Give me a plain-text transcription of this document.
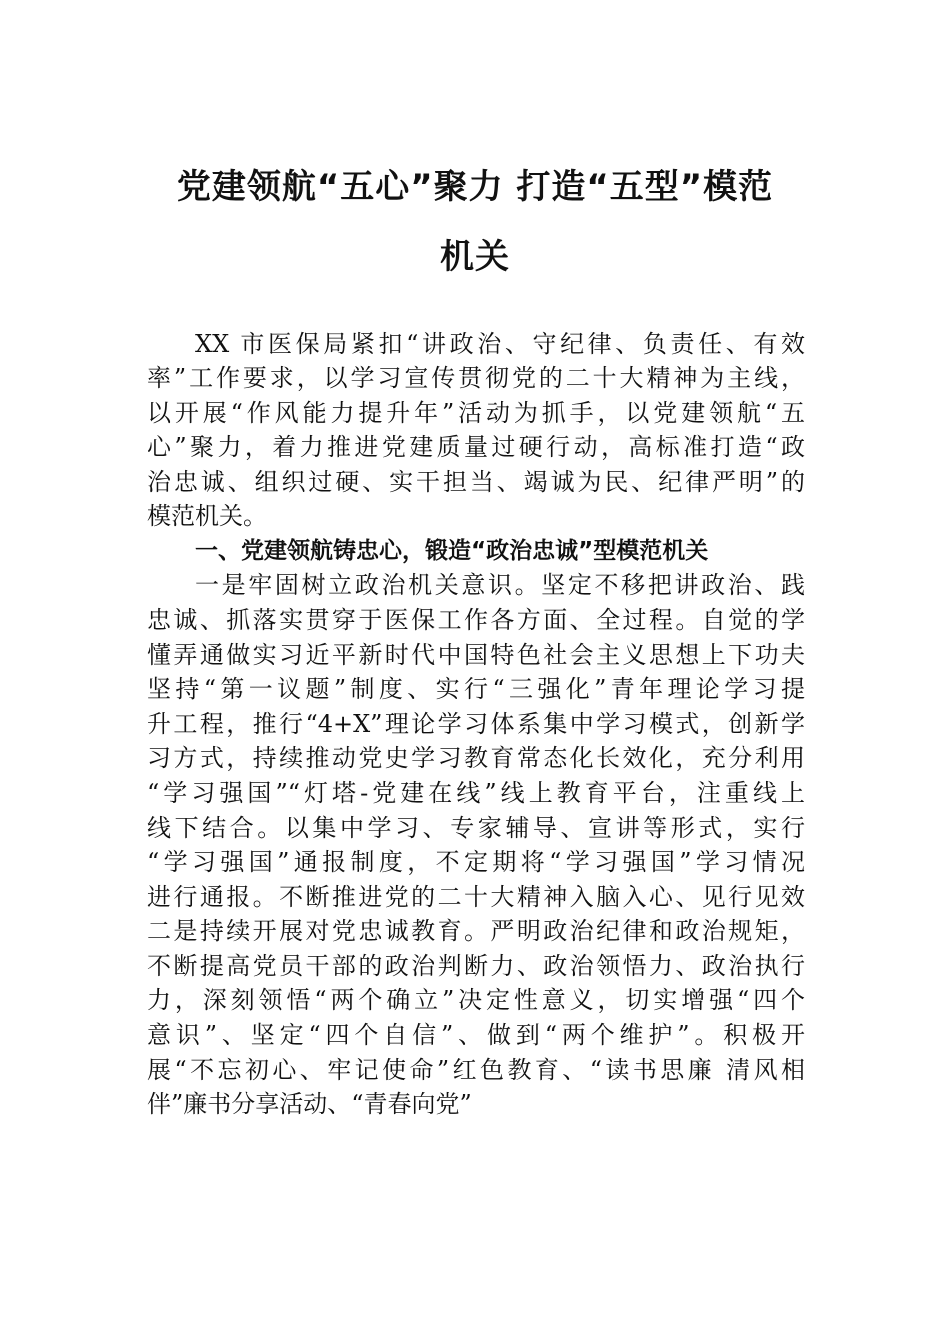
党建领航“五心”聚力 打造“五型”模范
机关
XX 市医保局紧扣“讲政治、守纪律、负责任、有效
率”工作要求，以学习宣传贯彻党的二十大精神为主线，
以开展“作风能力提升年”活动为抓手，以党建领航“五
心”聚力，着力推进党建质量过硬行动，高标准打造“政
治忠诚、组织过硬、实干担当、竭诚为民、纪律严明”的
模范机关。
一、党建领航铸忠心，锻造“政治忠诚”型模范机关
一是牢固树立政治机关意识。坚定不移把讲政治、践
忠诚、抓落实贯穿于医保工作各方面、全过程。自觉的学
懂弄通做实习近平新时代中国特色社会主义思想上下功夫
坚持“第一议题”制度、实行“三强化”青年理论学习提
升工程，推行“4+X”理论学习体系集中学习模式，创新学
习方式，持续推动党史学习教育常态化长效化，充分利用
“学习强国”“灯塔-党建在线”线上教育平台，注重线上
线下结合。以集中学习、专家辅导、宣讲等形式，实行
“学习强国”通报制度，不定期将“学习强国”学习情况
进行通报。不断推进党的二十大精神入脑入心、见行见效
二是持续开展对党忠诚教育。严明政治纪律和政治规矩，
不断提高党员干部的政治判断力、政治领悟力、政治执行
力，深刻领悟“两个确立”决定性意义，切实增强“四个
意识”、坚定“四个自信”、做到“两个维护”。积极开
展“不忘初心、牢记使命”红色教育、“读书思廉 清风相
伴”廉书分享活动、“青春向党”
